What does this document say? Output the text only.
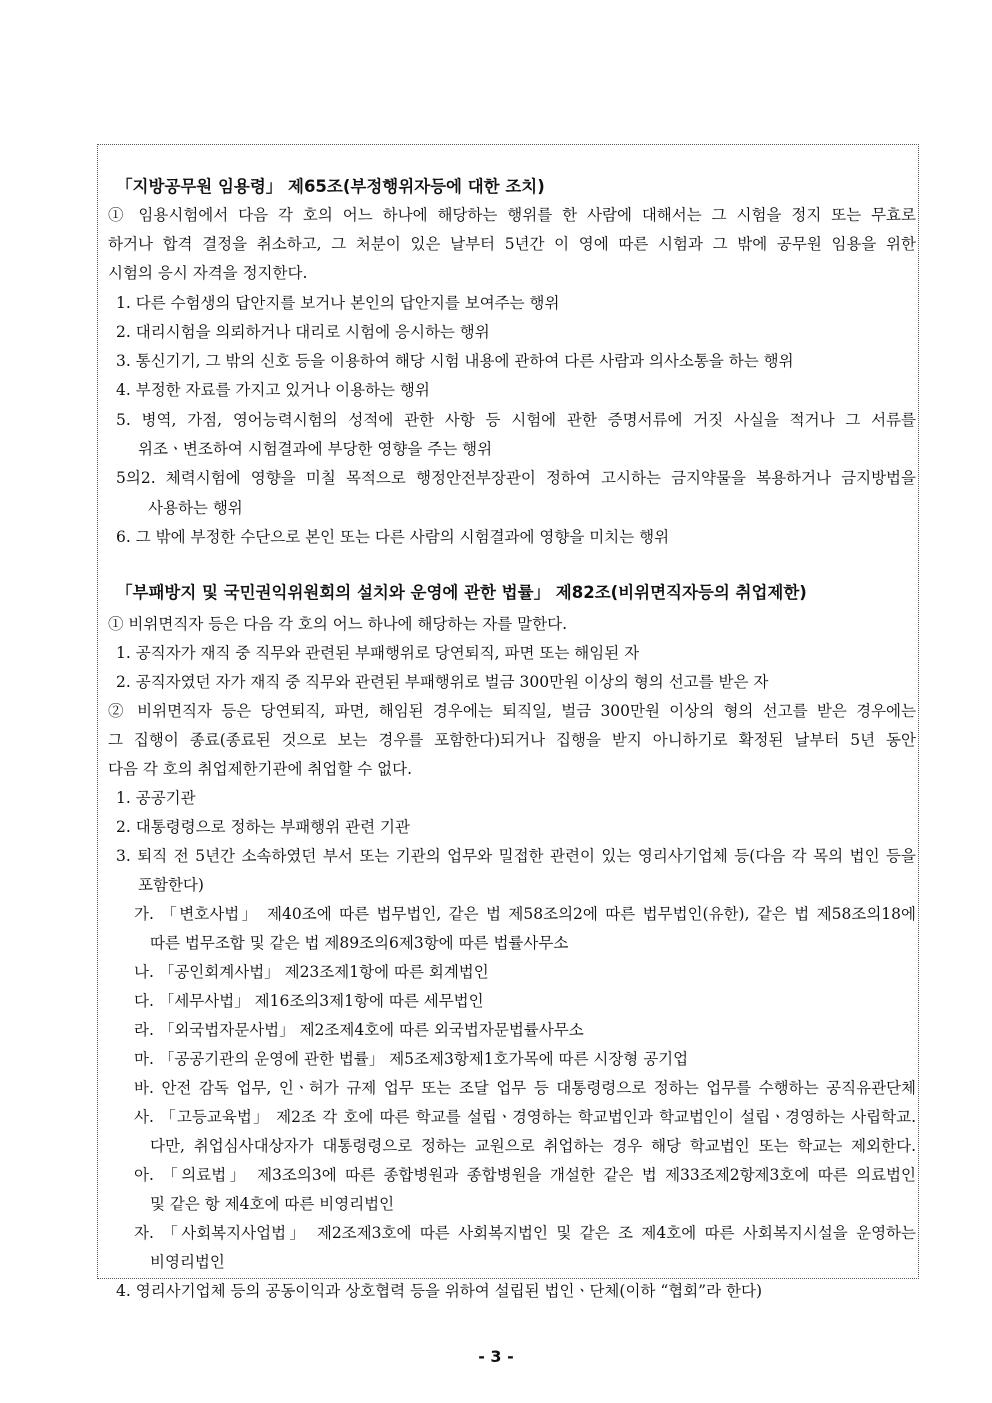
「지방공무원 임용령」 제65조(부정행위자등에 대한 조치)
① 임용시험에서 다음 각 호의 어느 하나에 해당하는 행위를 한 사람에 대해서는 그 시험을 정지 또는 무효로
하거나 합격 결정을 취소하고, 그 처분이 있은 날부터 5년간 이 영에 따른 시험과 그 밖에 공무원 임용을 위한
시험의 응시 자격을 정지한다.
1. 다른 수험생의 답안지를 보거나 본인의 답안지를 보여주는 행위
2. 대리시험을 의뢰하거나 대리로 시험에 응시하는 행위
3. 통신기기, 그 밖의 신호 등을 이용하여 해당 시험 내용에 관하여 다른 사람과 의사소통을 하는 행위
4. 부정한 자료를 가지고 있거나 이용하는 행위
5. 병역, 가점, 영어능력시험의 성적에 관한 사항 등 시험에 관한 증명서류에 거짓 사실을 적거나 그 서류를
위조ㆍ변조하여 시험결과에 부당한 영향을 주는 행위
5의2. 체력시험에 영향을 미칠 목적으로 행정안전부장관이 정하여 고시하는 금지약물을 복용하거나 금지방법을
사용하는 행위
6. 그 밖에 부정한 수단으로 본인 또는 다른 사람의 시험결과에 영향을 미치는 행위
「부패방지 및 국민권익위원회의 설치와 운영에 관한 법률」 제82조(비위면직자등의 취업제한)
① 비위면직자 등은 다음 각 호의 어느 하나에 해당하는 자를 말한다.
1. 공직자가 재직 중 직무와 관련된 부패행위로 당연퇴직, 파면 또는 해임된 자
2. 공직자였던 자가 재직 중 직무와 관련된 부패행위로 벌금 300만원 이상의 형의 선고를 받은 자
② 비위면직자 등은 당연퇴직, 파면, 해임된 경우에는 퇴직일, 벌금 300만원 이상의 형의 선고를 받은 경우에는
그 집행이 종료(종료된 것으로 보는 경우를 포함한다)되거나 집행을 받지 아니하기로 확정된 날부터 5년 동안
다음 각 호의 취업제한기관에 취업할 수 없다.
1. 공공기관
2. 대통령령으로 정하는 부패행위 관련 기관
3. 퇴직 전 5년간 소속하였던 부서 또는 기관의 업무와 밀접한 관련이 있는 영리사기업체 등(다음 각 목의 법인 등을
포함한다)
가. 「변호사법」 제40조에 따른 법무법인, 같은 법 제58조의2에 따른 법무법인(유한), 같은 법 제58조의18에
따른 법무조합 및 같은 법 제89조의6제3항에 따른 법률사무소
나. 「공인회계사법」 제23조제1항에 따른 회계법인
다. 「세무사법」 제16조의3제1항에 따른 세무법인
라. 「외국법자문사법」 제2조제4호에 따른 외국법자문법률사무소
마. 「공공기관의 운영에 관한 법률」 제5조제3항제1호가목에 따른 시장형 공기업
바. 안전 감독 업무, 인ㆍ허가 규제 업무 또는 조달 업무 등 대통령령으로 정하는 업무를 수행하는 공직유관단체
사. 「고등교육법」 제2조 각 호에 따른 학교를 설립ㆍ경영하는 학교법인과 학교법인이 설립ㆍ경영하는 사립학교.
다만, 취업심사대상자가 대통령령으로 정하는 교원으로 취업하는 경우 해당 학교법인 또는 학교는 제외한다.
아. 「의료법」 제3조의3에 따른 종합병원과 종합병원을 개설한 같은 법 제33조제2항제3호에 따른 의료법인
및 같은 항 제4호에 따른 비영리법인
자. 「사회복지사업법」 제2조제3호에 따른 사회복지법인 및 같은 조 제4호에 따른 사회복지시설을 운영하는
비영리법인
4. 영리사기업체 등의 공동이익과 상호협력 등을 위하여 설립된 법인ㆍ단체(이하 “협회”라 한다)
- 3 -
